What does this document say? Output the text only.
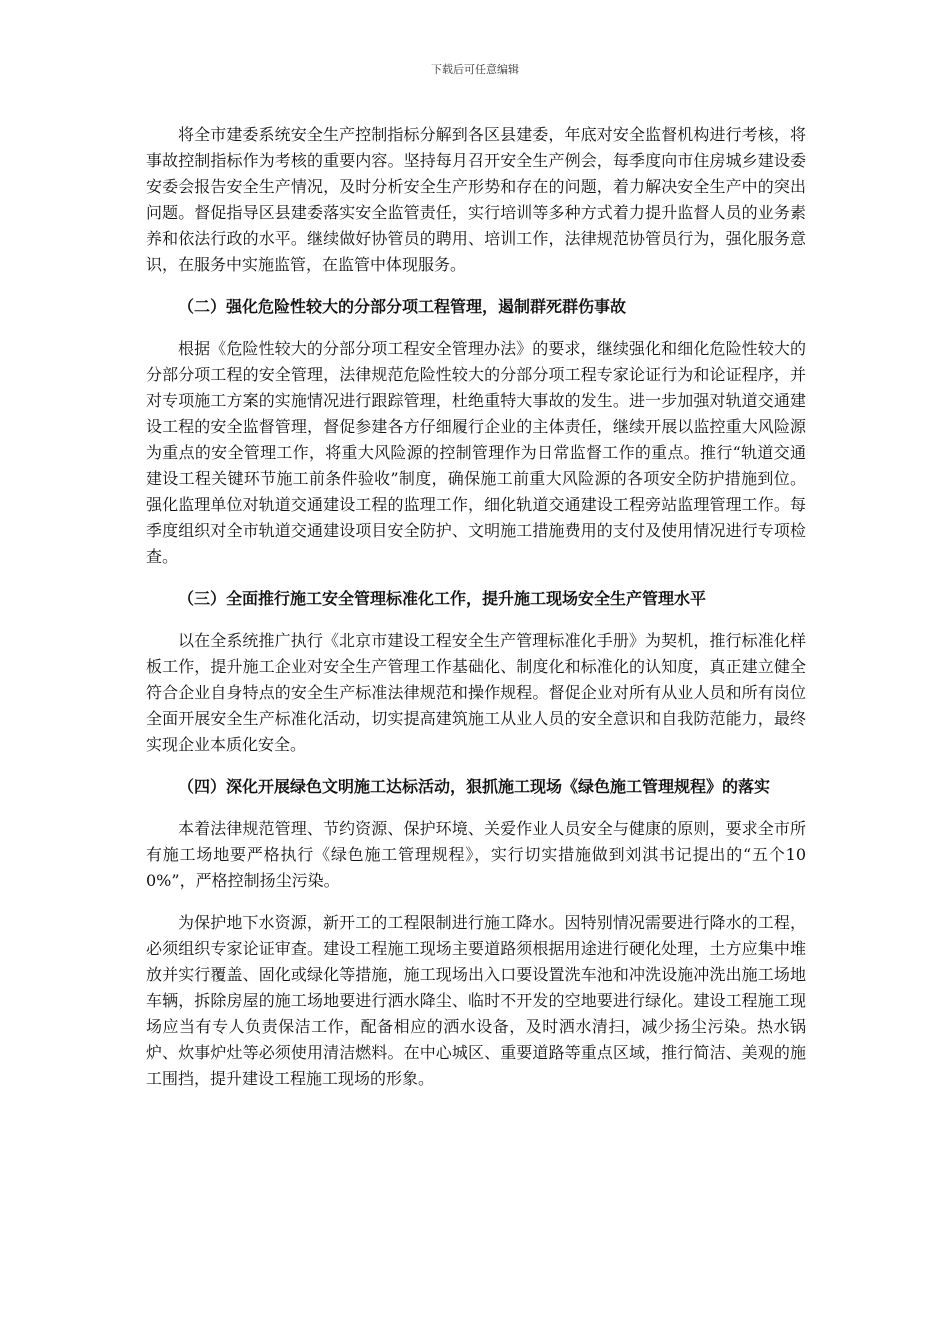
下载后可任意编辑

将全市建委系统安全生产控制指标分解到各区县建委，年底对安全监督机构进行考核，将事故控制指标作为考核的重要内容。坚持每月召开安全生产例会，每季度向市住房城乡建设委安委会报告安全生产情况，及时分析安全生产形势和存在的问题，着力解决安全生产中的突出问题。督促指导区县建委落实安全监管责任，实行培训等多种方式着力提升监督人员的业务素养和依法行政的水平。继续做好协管员的聘用、培训工作，法律规范协管员行为，强化服务意识，在服务中实施监管，在监管中体现服务。

（二）强化危险性较大的分部分项工程管理，遏制群死群伤事故

根据《危险性较大的分部分项工程安全管理办法》的要求，继续强化和细化危险性较大的分部分项工程的安全管理，法律规范危险性较大的分部分项工程专家论证行为和论证程序，并对专项施工方案的实施情况进行跟踪管理，杜绝重特大事故的发生。进一步加强对轨道交通建设工程的安全监督管理，督促参建各方仔细履行企业的主体责任，继续开展以监控重大风险源为重点的安全管理工作，将重大风险源的控制管理作为日常监督工作的重点。推行“轨道交通建设工程关键环节施工前条件验收”制度，确保施工前重大风险源的各项安全防护措施到位。强化监理单位对轨道交通建设工程的监理工作，细化轨道交通建设工程旁站监理管理工作。每季度组织对全市轨道交通建设项目安全防护、文明施工措施费用的支付及使用情况进行专项检查。

（三）全面推行施工安全管理标准化工作，提升施工现场安全生产管理水平

以在全系统推广执行《北京市建设工程安全生产管理标准化手册》为契机，推行标准化样板工作，提升施工企业对安全生产管理工作基础化、制度化和标准化的认知度，真正建立健全符合企业自身特点的安全生产标准法律规范和操作规程。督促企业对所有从业人员和所有岗位全面开展安全生产标准化活动，切实提高建筑施工从业人员的安全意识和自我防范能力，最终实现企业本质化安全。

（四）深化开展绿色文明施工达标活动，狠抓施工现场《绿色施工管理规程》的落实

本着法律规范管理、节约资源、保护环境、关爱作业人员安全与健康的原则，要求全市所有施工场地要严格执行《绿色施工管理规程》，实行切实措施做到刘淇书记提出的“五个100%”，严格控制扬尘污染。

为保护地下水资源，新开工的工程限制进行施工降水。因特别情况需要进行降水的工程，必须组织专家论证审查。建设工程施工现场主要道路须根据用途进行硬化处理，土方应集中堆放并实行覆盖、固化或绿化等措施，施工现场出入口要设置洗车池和冲洗设施冲洗出施工场地车辆，拆除房屋的施工场地要进行洒水降尘、临时不开发的空地要进行绿化。建设工程施工现场应当有专人负责保洁工作，配备相应的洒水设备，及时洒水清扫，减少扬尘污染。热水锅炉、炊事炉灶等必须使用清洁燃料。在中心城区、重要道路等重点区域，推行简洁、美观的施工围挡，提升建设工程施工现场的形象。
